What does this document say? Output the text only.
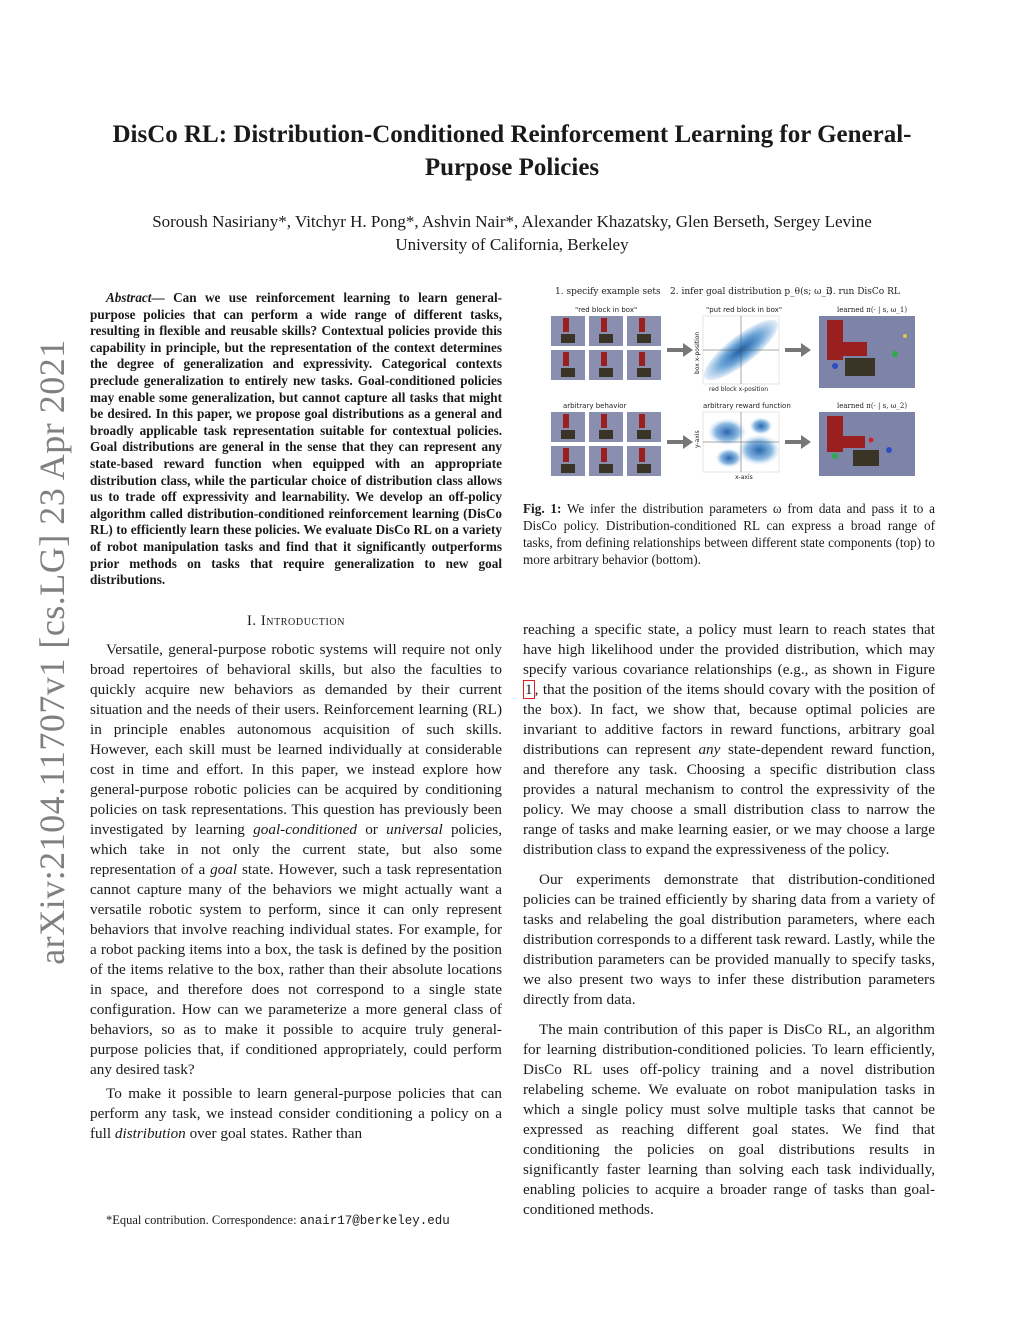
DisCo RL: Distribution-Conditioned Reinforcement Learning for General-Purpose Policies
Soroush Nasiriany*, Vitchyr H. Pong*, Ashvin Nair*, Alexander Khazatsky, Glen Berseth, Sergey Levine
University of California, Berkeley
arXiv:2104.11707v1 [cs.LG] 23 Apr 2021

Abstract— Can we use reinforcement learning to learn general-purpose policies that can perform a wide range of different tasks, resulting in flexible and reusable skills? Contextual policies provide this capability in principle, but the representation of the context determines the degree of generalization and expressivity. Categorical contexts preclude generalization to entirely new tasks. Goal-conditioned policies may enable some generalization, but cannot capture all tasks that might be desired. In this paper, we propose goal distributions as a general and broadly applicable task representation suitable for contextual policies. Goal distributions are general in the sense that they can represent any state-based reward function when equipped with an appropriate distribution class, while the particular choice of distribution class allows us to trade off expressivity and learnability. We develop an off-policy algorithm called distribution-conditioned reinforcement learning (DisCo RL) to efficiently learn these policies. We evaluate DisCo RL on a variety of robot manipulation tasks and find that it significantly outperforms prior methods on tasks that require generalization to new goal distributions.

I. Introduction

Versatile, general-purpose robotic systems will require not only broad repertoires of behavioral skills, but also the faculties to quickly acquire new behaviors as demanded by their current situation and the needs of their users. Reinforcement learning (RL) in principle enables autonomous acquisition of such skills. However, each skill must be learned individually at considerable cost in time and effort. In this paper, we instead explore how general-purpose robotic policies can be acquired by conditioning policies on task representations. This question has previously been investigated by learning goal-conditioned or universal policies, which take in not only the current state, but also some representation of a goal state. However, such a task representation cannot capture many of the behaviors we might actually want a versatile robotic system to perform, since it can only represent behaviors that involve reaching individual states. For example, for a robot packing items into a box, the task is defined by the position of the items relative to the box, rather than their absolute locations in space, and therefore does not correspond to a single state configuration. How can we parameterize a more general class of behaviors, so as to make it possible to acquire truly general-purpose policies that, if conditioned appropriately, could perform any desired task?

To make it possible to learn general-purpose policies that can perform any task, we instead consider conditioning a policy on a full distribution over goal states. Rather than

*Equal contribution. Correspondence: anair17@berkeley.edu
1. specify example sets 2. infer goal distribution p_θ(s; ω_i)
3. run DisCo RL
"red block in box"	"put red block in box"
red block x-position
box x-position
learned π(· | s, ω_1)
arbitrary behavior	arbitrary reward function
x-axis
y-axis
learned π(· | s, ω_2)

Fig. 1: We infer the distribution parameters ω from data and pass it to a DisCo policy. Distribution-conditioned RL can express a broad range of tasks, from defining relationships between different state components (top) to more arbitrary behavior (bottom).

reaching a specific state, a policy must learn to reach states that have high likelihood under the provided distribution, which may specify various covariance relationships (e.g., as shown in Figure 1 , that the position of the items should covary with the position of the box). In fact, we show that, because optimal policies are invariant to additive factors in reward functions, arbitrary goal distributions can represent any state-dependent reward function, and therefore any task. Choosing a specific distribution class provides a natural mechanism to control the expressivity of the policy. We may choose a small distribution class to narrow the range of tasks and make learning easier, or we may choose a large distribution class to expand the expressiveness of the policy.

Our experiments demonstrate that distribution-conditioned policies can be trained efficiently by sharing data from a variety of tasks and relabeling the goal distribution parameters, where each distribution corresponds to a different task reward. Lastly, while the distribution parameters can be provided manually to specify tasks, we also present two ways to infer these distribution parameters directly from data.

The main contribution of this paper is DisCo RL, an algorithm for learning distribution-conditioned policies. To learn efficiently, DisCo RL uses off-policy training and a novel distribution relabeling scheme. We evaluate on robot manipulation tasks in which a single policy must solve multiple tasks that cannot be expressed as reaching different goal states. We find that conditioning the policies on goal distributions results in significantly faster learning than solving each task individually, enabling policies to acquire a broader range of tasks than goal-conditioned methods.
